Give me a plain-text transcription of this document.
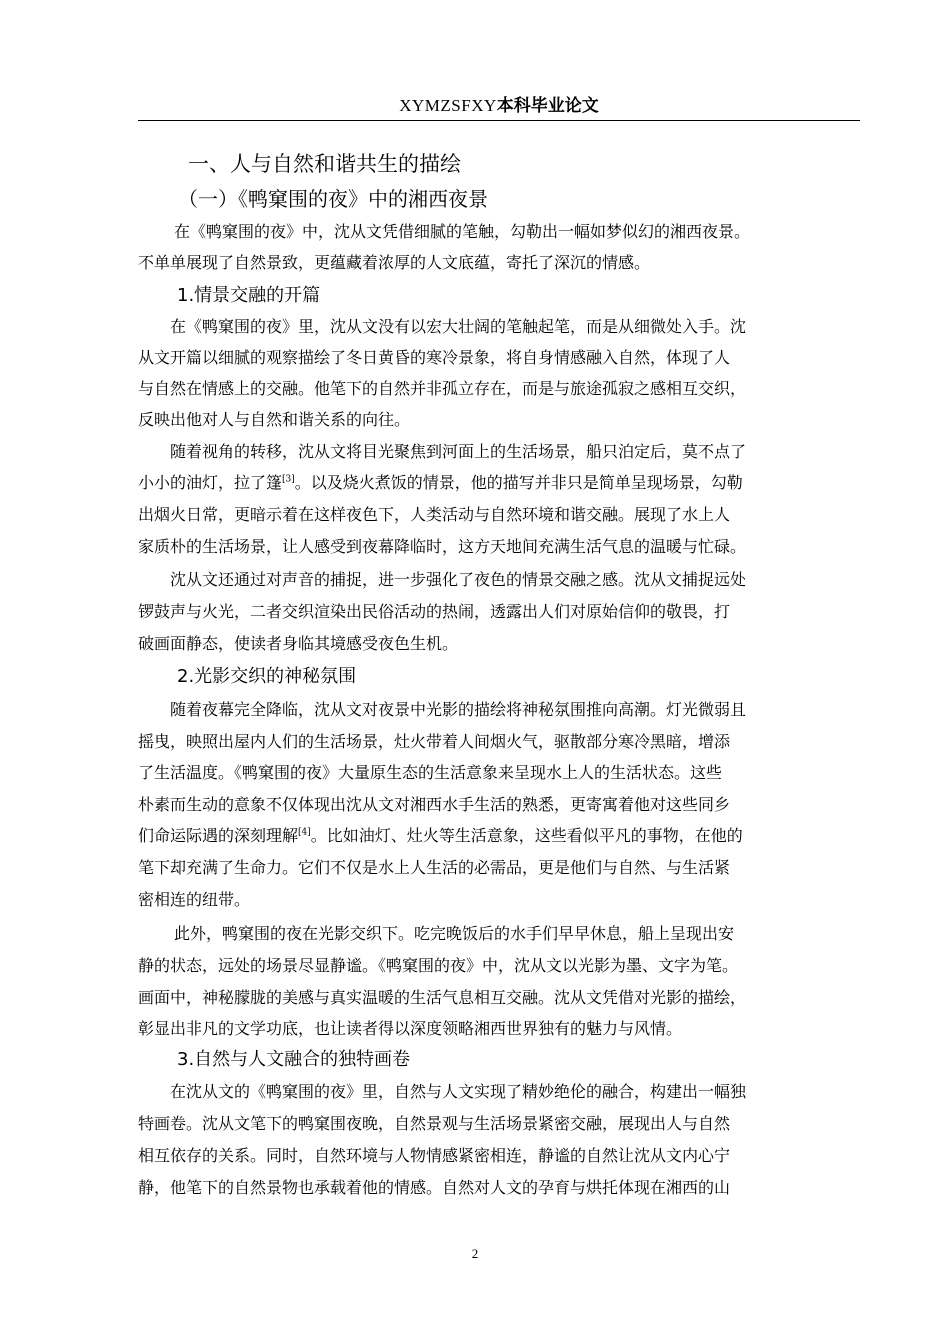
XYMZSFXY本科毕业论文
一、人与自然和谐共生的描绘
（一）《鸭窠围的夜》中的湘西夜景
在《鸭窠围的夜》中，沈从文凭借细腻的笔触，勾勒出一幅如梦似幻的湘西夜景。
不单单展现了自然景致，更蕴藏着浓厚的人文底蕴，寄托了深沉的情感。
1.情景交融的开篇
在《鸭窠围的夜》里，沈从文没有以宏大壮阔的笔触起笔，而是从细微处入手。沈
从文开篇以细腻的观察描绘了冬日黄昏的寒冷景象，将自身情感融入自然，体现了人
与自然在情感上的交融。他笔下的自然并非孤立存在，而是与旅途孤寂之感相互交织，
反映出他对人与自然和谐关系的向往。
随着视角的转移，沈从文将目光聚焦到河面上的生活场景，船只泊定后，莫不点了
小小的油灯，拉了篷[3]。以及烧火煮饭的情景，他的描写并非只是简单呈现场景，勾勒
出烟火日常，更暗示着在这样夜色下，人类活动与自然环境和谐交融。展现了水上人
家质朴的生活场景，让人感受到夜幕降临时，这方天地间充满生活气息的温暖与忙碌。
沈从文还通过对声音的捕捉，进一步强化了夜色的情景交融之感。沈从文捕捉远处
锣鼓声与火光，二者交织渲染出民俗活动的热闹，透露出人们对原始信仰的敬畏，打
破画面静态，使读者身临其境感受夜色生机。
2.光影交织的神秘氛围
随着夜幕完全降临，沈从文对夜景中光影的描绘将神秘氛围推向高潮。灯光微弱且
摇曳，映照出屋内人们的生活场景，灶火带着人间烟火气，驱散部分寒冷黑暗，增添
了生活温度。《鸭窠围的夜》大量原生态的生活意象来呈现水上人的生活状态。这些
朴素而生动的意象不仅体现出沈从文对湘西水手生活的熟悉，更寄寓着他对这些同乡
们命运际遇的深刻理解[4]。比如油灯、灶火等生活意象，这些看似平凡的事物，在他的
笔下却充满了生命力。它们不仅是水上人生活的必需品，更是他们与自然、与生活紧
密相连的纽带。
此外，鸭窠围的夜在光影交织下。吃完晚饭后的水手们早早休息，船上呈现出安
静的状态，远处的场景尽显静谧。《鸭窠围的夜》中，沈从文以光影为墨、文字为笔。
画面中，神秘朦胧的美感与真实温暖的生活气息相互交融。沈从文凭借对光影的描绘，
彰显出非凡的文学功底，也让读者得以深度领略湘西世界独有的魅力与风情。
3.自然与人文融合的独特画卷
在沈从文的《鸭窠围的夜》里，自然与人文实现了精妙绝伦的融合，构建出一幅独
特画卷。沈从文笔下的鸭窠围夜晚，自然景观与生活场景紧密交融，展现出人与自然
相互依存的关系。同时，自然环境与人物情感紧密相连，静谧的自然让沈从文内心宁
静，他笔下的自然景物也承载着他的情感。自然对人文的孕育与烘托体现在湘西的山
2
